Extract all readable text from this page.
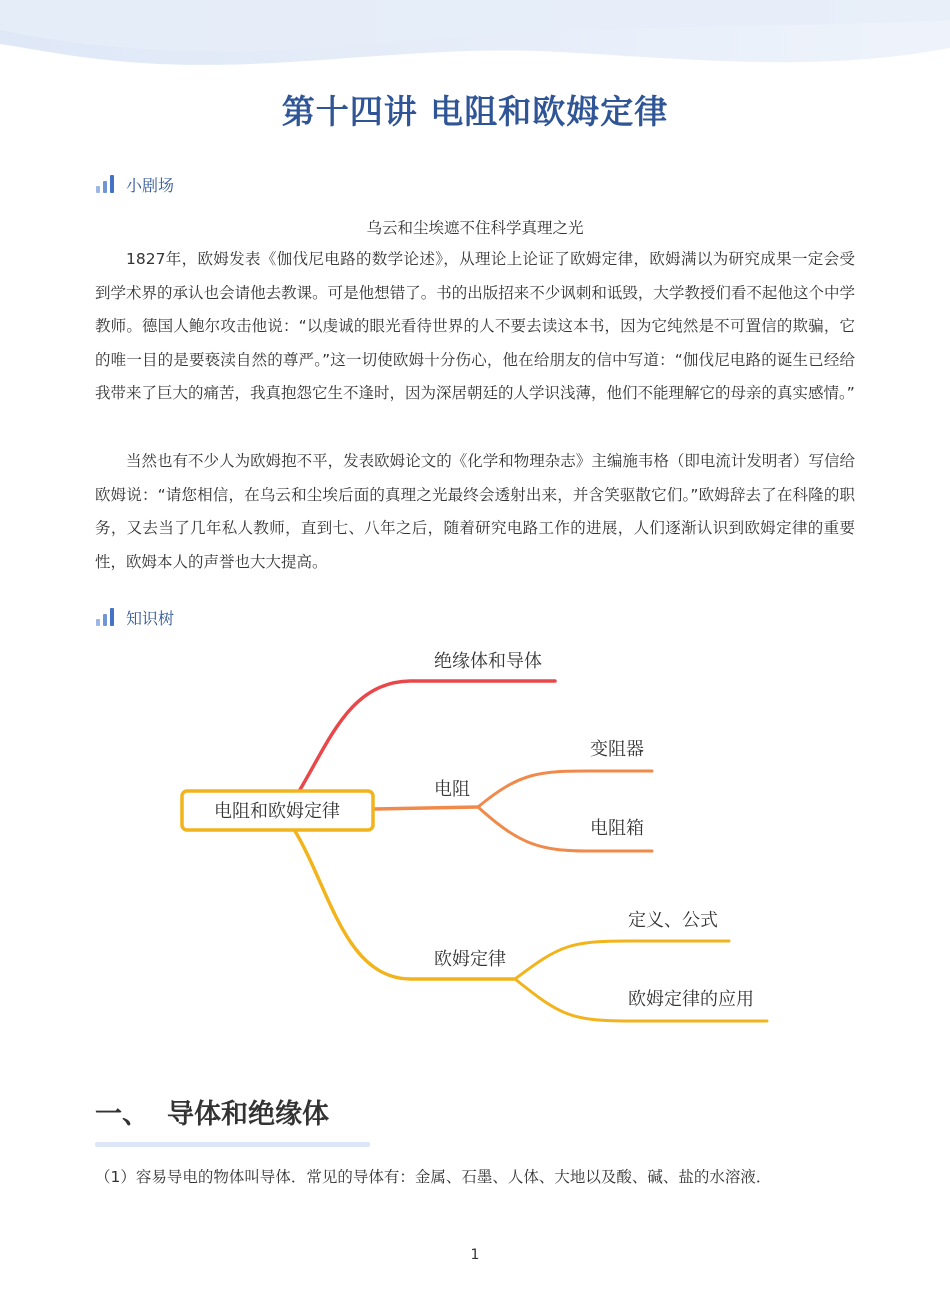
第十四讲 电阻和欧姆定律
小剧场
乌云和尘埃遮不住科学真理之光

1827年，欧姆发表《伽伐尼电路的数学论述》，从理论上论证了欧姆定律，欧姆满以为研究成果一定会受到学术界的承认也会请他去教课。可是他想错了。书的出版招来不少讽刺和诋毁，大学教授们看不起他这个中学教师。德国人鲍尔攻击他说：“以虔诚的眼光看待世界的人不要去读这本书，因为它纯然是不可置信的欺骗，它的唯一目的是要亵渎自然的尊严。”这一切使欧姆十分伤心，他在给朋友的信中写道：“伽伐尼电路的诞生已经给我带来了巨大的痛苦，我真抱怨它生不逢时，因为深居朝廷的人学识浅薄，他们不能理解它的母亲的真实感情。”

当然也有不少人为欧姆抱不平，发表欧姆论文的《化学和物理杂志》主编施韦格（即电流计发明者）写信给欧姆说：“请您相信，在乌云和尘埃后面的真理之光最终会透射出来，并含笑驱散它们。”欧姆辞去了在科隆的职务，又去当了几年私人教师，直到七、八年之后，随着研究电路工作的进展，人们逐渐认识到欧姆定律的重要性，欧姆本人的声誉也大大提高。

知识树
电阻和欧姆定律
绝缘体和导体
电阻
变阻器
电阻箱
欧姆定律
定义、公式
欧姆定律的应用
一、 导体和绝缘体
（1）容易导电的物体叫导体．常见的导体有：金属、石墨、人体、大地以及酸、碱、盐的水溶液．
1
